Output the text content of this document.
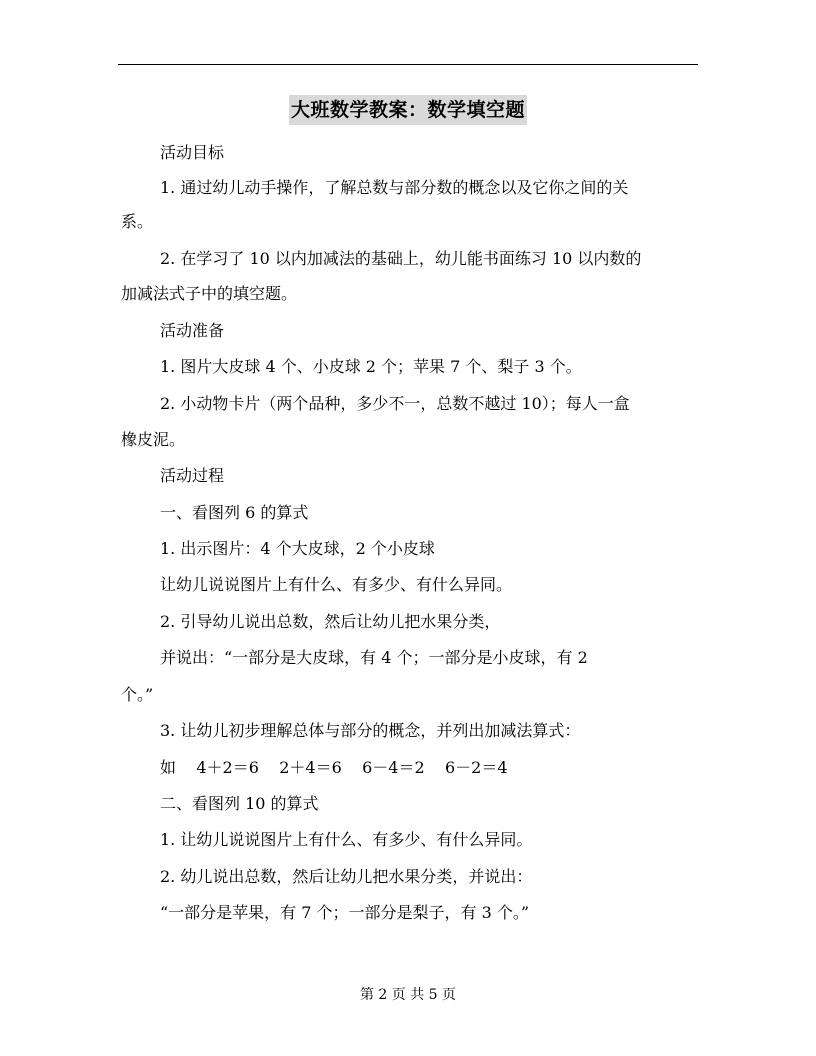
大班数学教案：数学填空题
活动目标
1. 通过幼儿动手操作，了解总数与部分数的概念以及它你之间的关
系。
2. 在学习了 10 以内加减法的基础上，幼儿能书面练习 10 以内数的
加减法式子中的填空题。
活动准备
1. 图片大皮球 4 个、小皮球 2 个；苹果 7 个、梨子 3 个。
2. 小动物卡片（两个品种，多少不一，总数不越过 10）；每人一盒
橡皮泥。
活动过程
一、看图列 6 的算式
1. 出示图片：4 个大皮球，2 个小皮球
让幼儿说说图片上有什么、有多少、有什么异同。
2. 引导幼儿说出总数，然后让幼儿把水果分类，
并说出：“一部分是大皮球，有 4 个；一部分是小皮球，有 2
个。”
3. 让幼儿初步理解总体与部分的概念，并列出加减法算式：
如    4＋2＝6    2＋4＝6    6－4＝2    6－2＝4
二、看图列 10 的算式
1. 让幼儿说说图片上有什么、有多少、有什么异同。
2. 幼儿说出总数，然后让幼儿把水果分类，并说出：
“一部分是苹果，有 7 个；一部分是梨子，有 3 个。”
第 2 页 共 5 页
